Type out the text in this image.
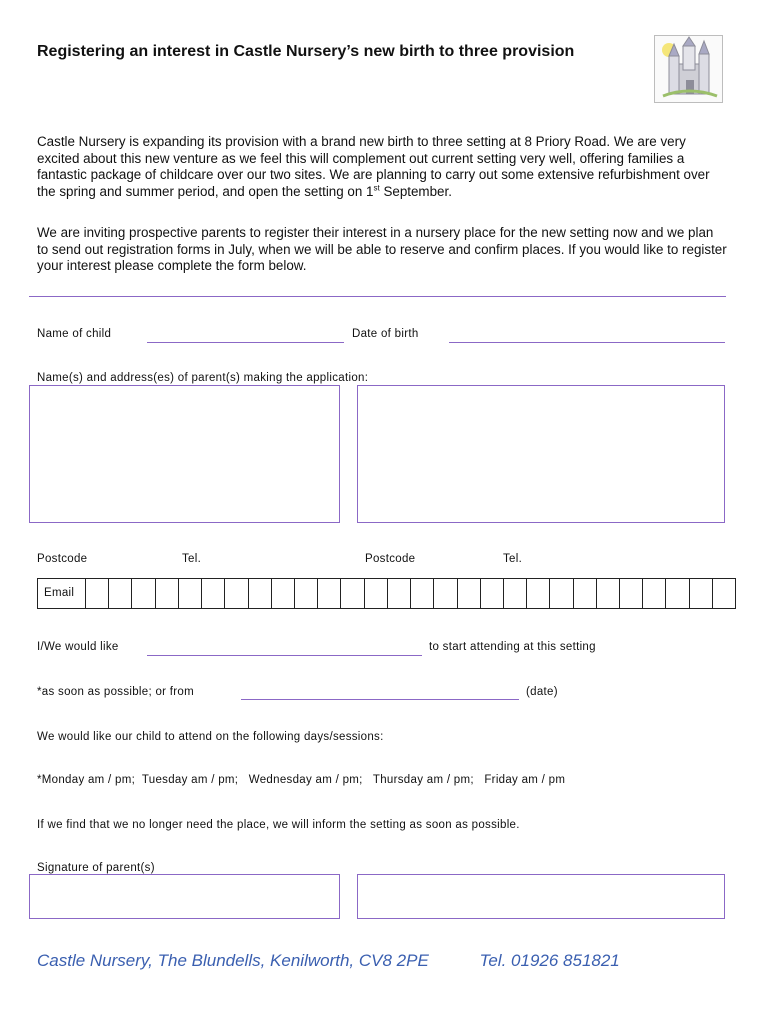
Registering an interest in Castle Nursery’s new birth to three provision
Castle Nursery is expanding its provision with a brand new birth to three setting at 8 Priory Road. We are very excited about this new venture as we feel this will complement out current setting very well, offering families a fantastic package of childcare over our two sites. We are planning to carry out some extensive refurbishment over the spring and summer period, and open the setting on 1st September.
We are inviting prospective parents to register their interest in a nursery place for the new setting now and we plan to send out registration forms in July, when we will be able to reserve and confirm places. If you would like to register your interest please complete the form below.
Name of child	Date of birth
Name(s) and address(es) of parent(s) making the application:
Postcode	Tel.	Postcode	Tel.
Email
I/We would like	to start attending at this setting
*as soon as possible; or from	(date)
We would like our child to attend on the following days/sessions:
*Monday am / pm;  Tuesday am / pm;   Wednesday am / pm;   Thursday am / pm;   Friday am / pm
If we find that we no longer need the place, we will inform the setting as soon as possible.
Signature of parent(s)
Castle Nursery, The Blundells, Kenilworth, CV8 2PE	Tel. 01926 851821
